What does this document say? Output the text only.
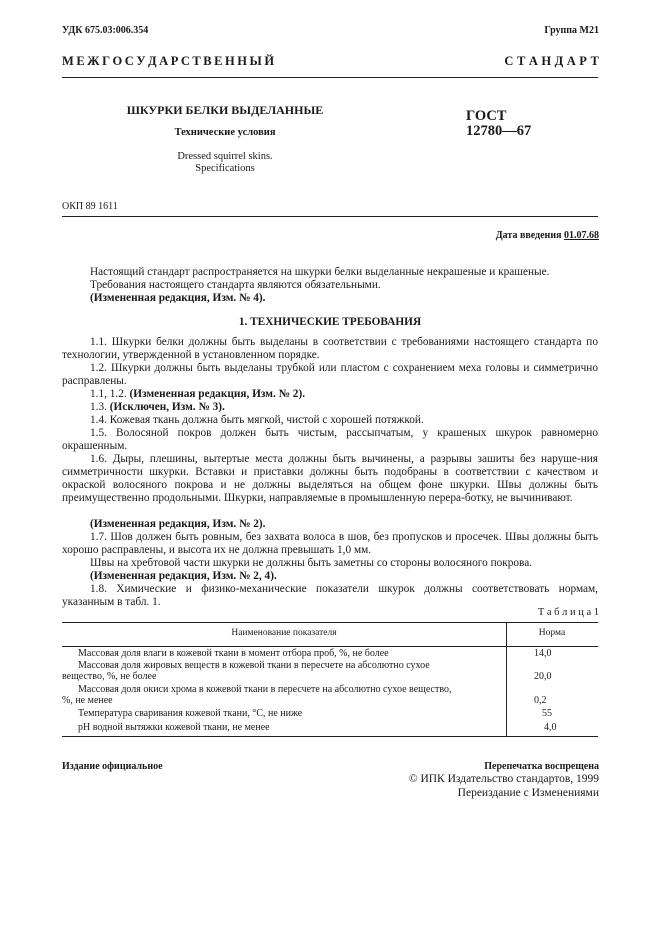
УДК 675.03:006.354	Группа М21
М Е Ж Г О С У Д А Р С Т В Е Н Н Ы Й	С Т А Н Д А Р Т
ШКУРКИ БЕЛКИ ВЫДЕЛАННЫЕ
Технические условия
Dressed squirrel skins.
Specifications
ГОСТ
12780—67
ОКП 89 1611
Дата введения 01.07.68
Настоящий стандарт распространяется на шкурки белки выделанные некрашеные и крашеные.
Требования настоящего стандарта являются обязательными.
(Измененная редакция, Изм. № 4).
1. ТЕХНИЧЕСКИЕ ТРЕБОВАНИЯ
1.1. Шкурки белки должны быть выделаны в соответствии с требованиями настоящего стандарта по технологии, утвержденной в установленном порядке.
1.2. Шкурки должны быть выделаны трубкой или пластом с сохранением меха головы и симметрично расправлены.
1.1, 1.2. (Измененная редакция, Изм. № 2).
1.3. (Исключен, Изм. № 3).
1.4. Кожевая ткань должна быть мягкой, чистой с хорошей потяжкой.
1.5. Волосяной покров должен быть чистым, рассыпчатым, у крашеных шкурок равномерно окрашенным.
1.6. Дыры, плешины, вытертые места должны быть вычинены, а разрывы зашиты без наруше-ния симметричности шкурки. Вставки и приставки должны быть подобраны в соответствии с качеством и окраской волосяного покрова и не должны выделяться на общем фоне шкурки. Швы должны быть преимущественно продольными. Шкурки, направляемые в промышленную перера-ботку, не вычинивают.
(Измененная редакция, Изм. № 2).
1.7. Шов должен быть ровным, без захвата волоса в шов, без пропусков и просечек. Швы должны быть хорошо расправлены, и высота их не должна превышать 1,0 мм.
Швы на хребтовой части шкурки не должны быть заметны со стороны волосяного покрова.
(Измененная редакция, Изм. № 2, 4).
1.8. Химические и физико-механические показатели шкурок должны соответствовать нормам, указанным в табл. 1.
Т а б л и ц а 1
Наименование показателя	Норма
Массовая доля влаги в кожевой ткани в момент отбора проб, %, не более	14,0
Массовая доля жировых веществ в кожевой ткани в пересчете на абсолютно сухое
вещество, %, не более	20,0
Массовая доля окиси хрома в кожевой ткани в пересчете на абсолютно сухое вещество,
%, не менее	0,2
Температура сваривания кожевой ткани, °С, не ниже	55
pH водной вытяжки кожевой ткани, не менее	4,0
Издание официальное	Перепечатка воспрещена
© ИПК Издательство стандартов, 1999
Переиздание с Изменениями
